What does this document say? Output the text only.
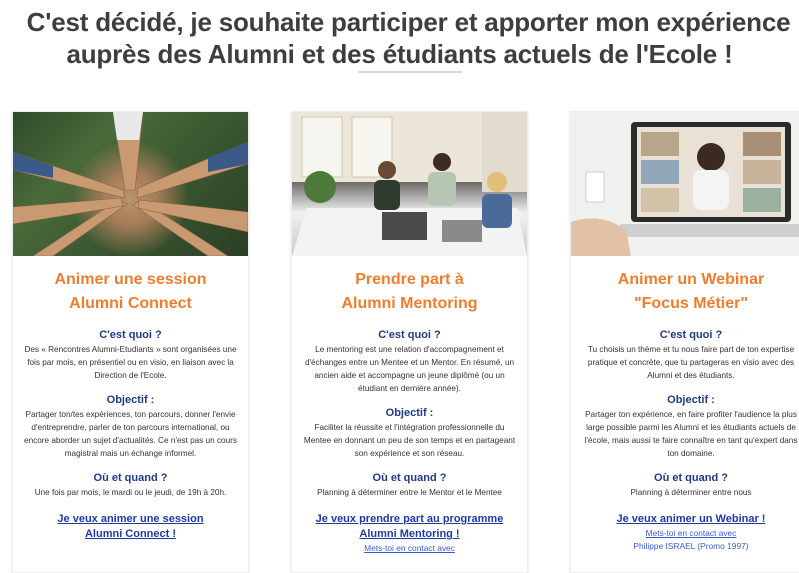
C'est décidé, je souhaite participer et apporter mon expérience
auprès des Alumni et des étudiants actuels de l'Ecole !
Animer une session
Alumni Connect
C'est quoi ?
Des « Rencontres Alumni-Etudiants » sont organisées une fois par mois, en présentiel ou en visio, en liaison avec la Direction de l'Ecole.
Objectif :
Partager ton/tes expériences, ton parcours, donner l'envie d'entreprendre, parler de ton parcours international, ou encore aborder un sujet d'actualités. Ce n'est pas un cours magistral mais un échange informel.
Où et quand ?
Une fois par mois, le mardi ou le jeudi, de 19h à 20h.
Je veux animer une session
Alumni Connect !
Prendre part à
Alumni Mentoring
C'est quoi ?
Le mentoring est une relation d'accompagnement et d'échanges entre un Mentee et un Mentor. En résumé, un ancien aide et accompagne un jeune diplômé (ou un étudiant en dernière année).
Objectif :
Faciliter la réussite et l'intégration professionnelle du Mentee en donnant un peu de son temps et en partageant son expérience et son réseau.
Où et quand ?
Planning à déterminer entre le Mentor et le Mentee
Je veux prendre part au programme
Alumni Mentoring !
Mets-toi en contact avec
Animer un Webinar
"Focus Métier"
C'est quoi ?
Tu choisis un thème et tu nous faire part de ton expertise pratique et concrète, que tu partageras en visio avec des Alumni et des étudiants.
Objectif :
Partager ton expérience, en faire profiter l'audience la plus large possible parmi les Alumni et les étudiants actuels de l'école, mais aussi te faire connaître en tant qu'expert dans ton domaine.
Où et quand ?
Planning à déterminer entre nous
Je veux animer un Webinar !
Mets-toi en contact avec
Philippe ISRAEL (Promo 1997)
